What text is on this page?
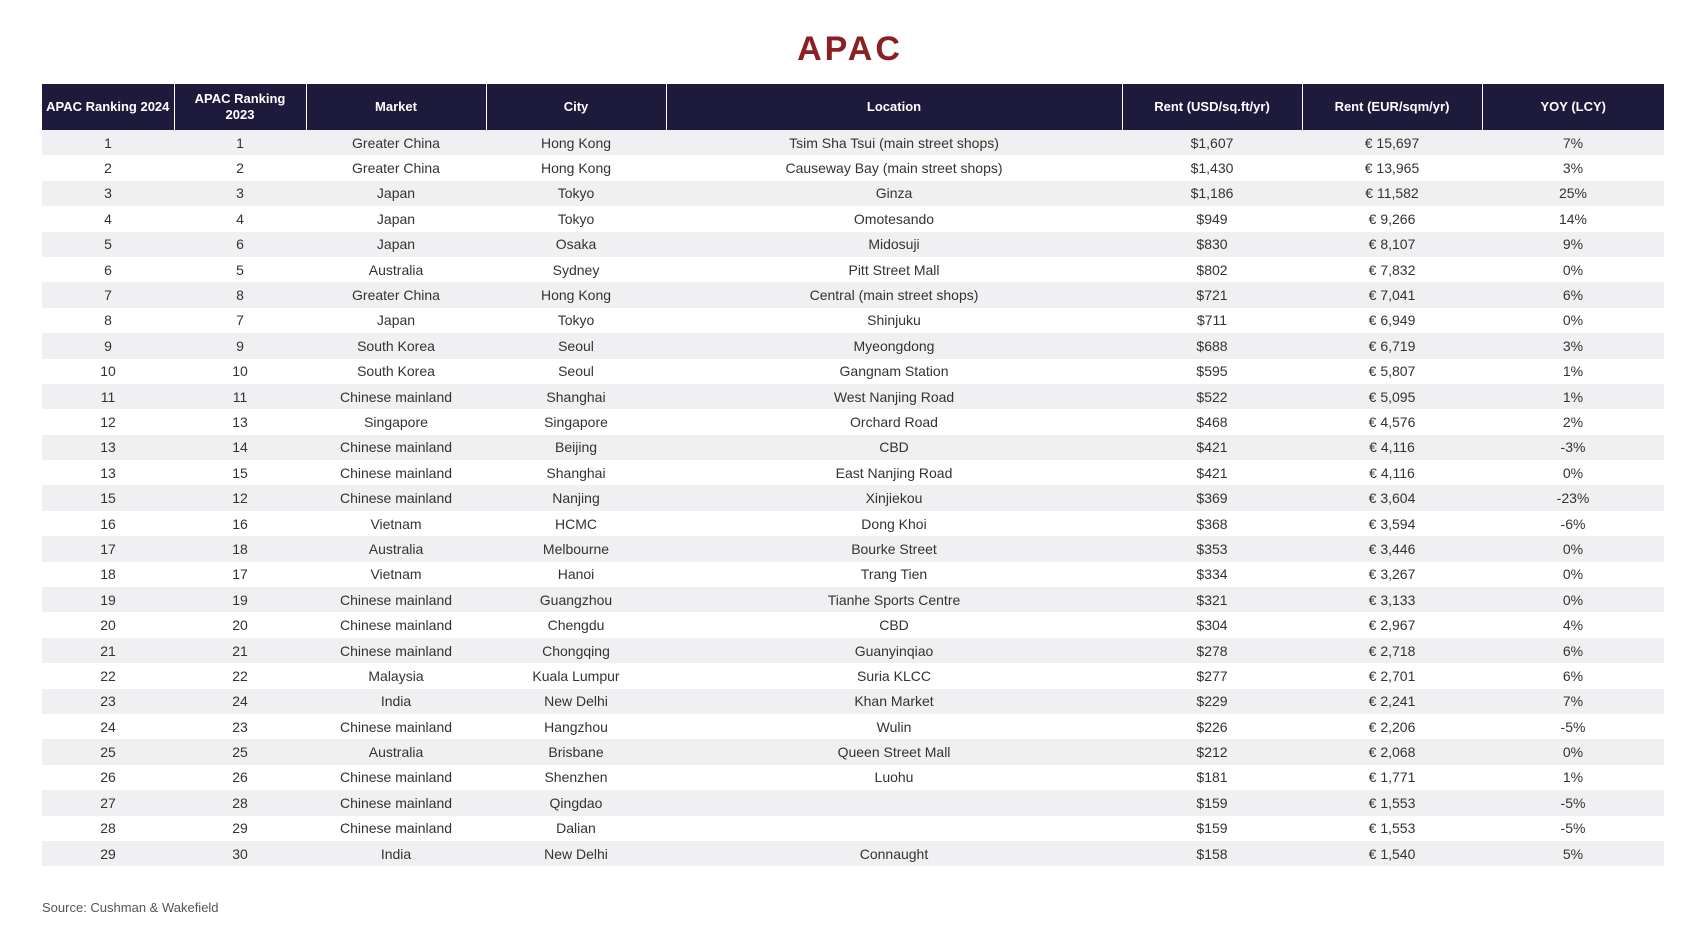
APAC
APAC Ranking 2024	APAC Ranking 2023	Market	City	Location	Rent (USD/sq.ft/yr)	Rent (EUR/sqm/yr)	YOY (LCY)
1	1	Greater China	Hong Kong	Tsim Sha Tsui (main street shops)	$1,607	€ 15,697	7%
2	2	Greater China	Hong Kong	Causeway Bay (main street shops)	$1,430	€ 13,965	3%
3	3	Japan	Tokyo	Ginza	$1,186	€ 11,582	25%
4	4	Japan	Tokyo	Omotesando	$949	€ 9,266	14%
5	6	Japan	Osaka	Midosuji	$830	€ 8,107	9%
6	5	Australia	Sydney	Pitt Street Mall	$802	€ 7,832	0%
7	8	Greater China	Hong Kong	Central (main street shops)	$721	€ 7,041	6%
8	7	Japan	Tokyo	Shinjuku	$711	€ 6,949	0%
9	9	South Korea	Seoul	Myeongdong	$688	€ 6,719	3%
10	10	South Korea	Seoul	Gangnam Station	$595	€ 5,807	1%
11	11	Chinese mainland	Shanghai	West Nanjing Road	$522	€ 5,095	1%
12	13	Singapore	Singapore	Orchard Road	$468	€ 4,576	2%
13	14	Chinese mainland	Beijing	CBD	$421	€ 4,116	-3%
13	15	Chinese mainland	Shanghai	East Nanjing Road	$421	€ 4,116	0%
15	12	Chinese mainland	Nanjing	Xinjiekou	$369	€ 3,604	-23%
16	16	Vietnam	HCMC	Dong Khoi	$368	€ 3,594	-6%
17	18	Australia	Melbourne	Bourke Street	$353	€ 3,446	0%
18	17	Vietnam	Hanoi	Trang Tien	$334	€ 3,267	0%
19	19	Chinese mainland	Guangzhou	Tianhe Sports Centre	$321	€ 3,133	0%
20	20	Chinese mainland	Chengdu	CBD	$304	€ 2,967	4%
21	21	Chinese mainland	Chongqing	Guanyinqiao	$278	€ 2,718	6%
22	22	Malaysia	Kuala Lumpur	Suria KLCC	$277	€ 2,701	6%
23	24	India	New Delhi	Khan Market	$229	€ 2,241	7%
24	23	Chinese mainland	Hangzhou	Wulin	$226	€ 2,206	-5%
25	25	Australia	Brisbane	Queen Street Mall	$212	€ 2,068	0%
26	26	Chinese mainland	Shenzhen	Luohu	$181	€ 1,771	1%
27	28	Chinese mainland	Qingdao		$159	€ 1,553	-5%
28	29	Chinese mainland	Dalian		$159	€ 1,553	-5%
29	30	India	New Delhi	Connaught	$158	€ 1,540	5%
Source: Cushman & Wakefield
